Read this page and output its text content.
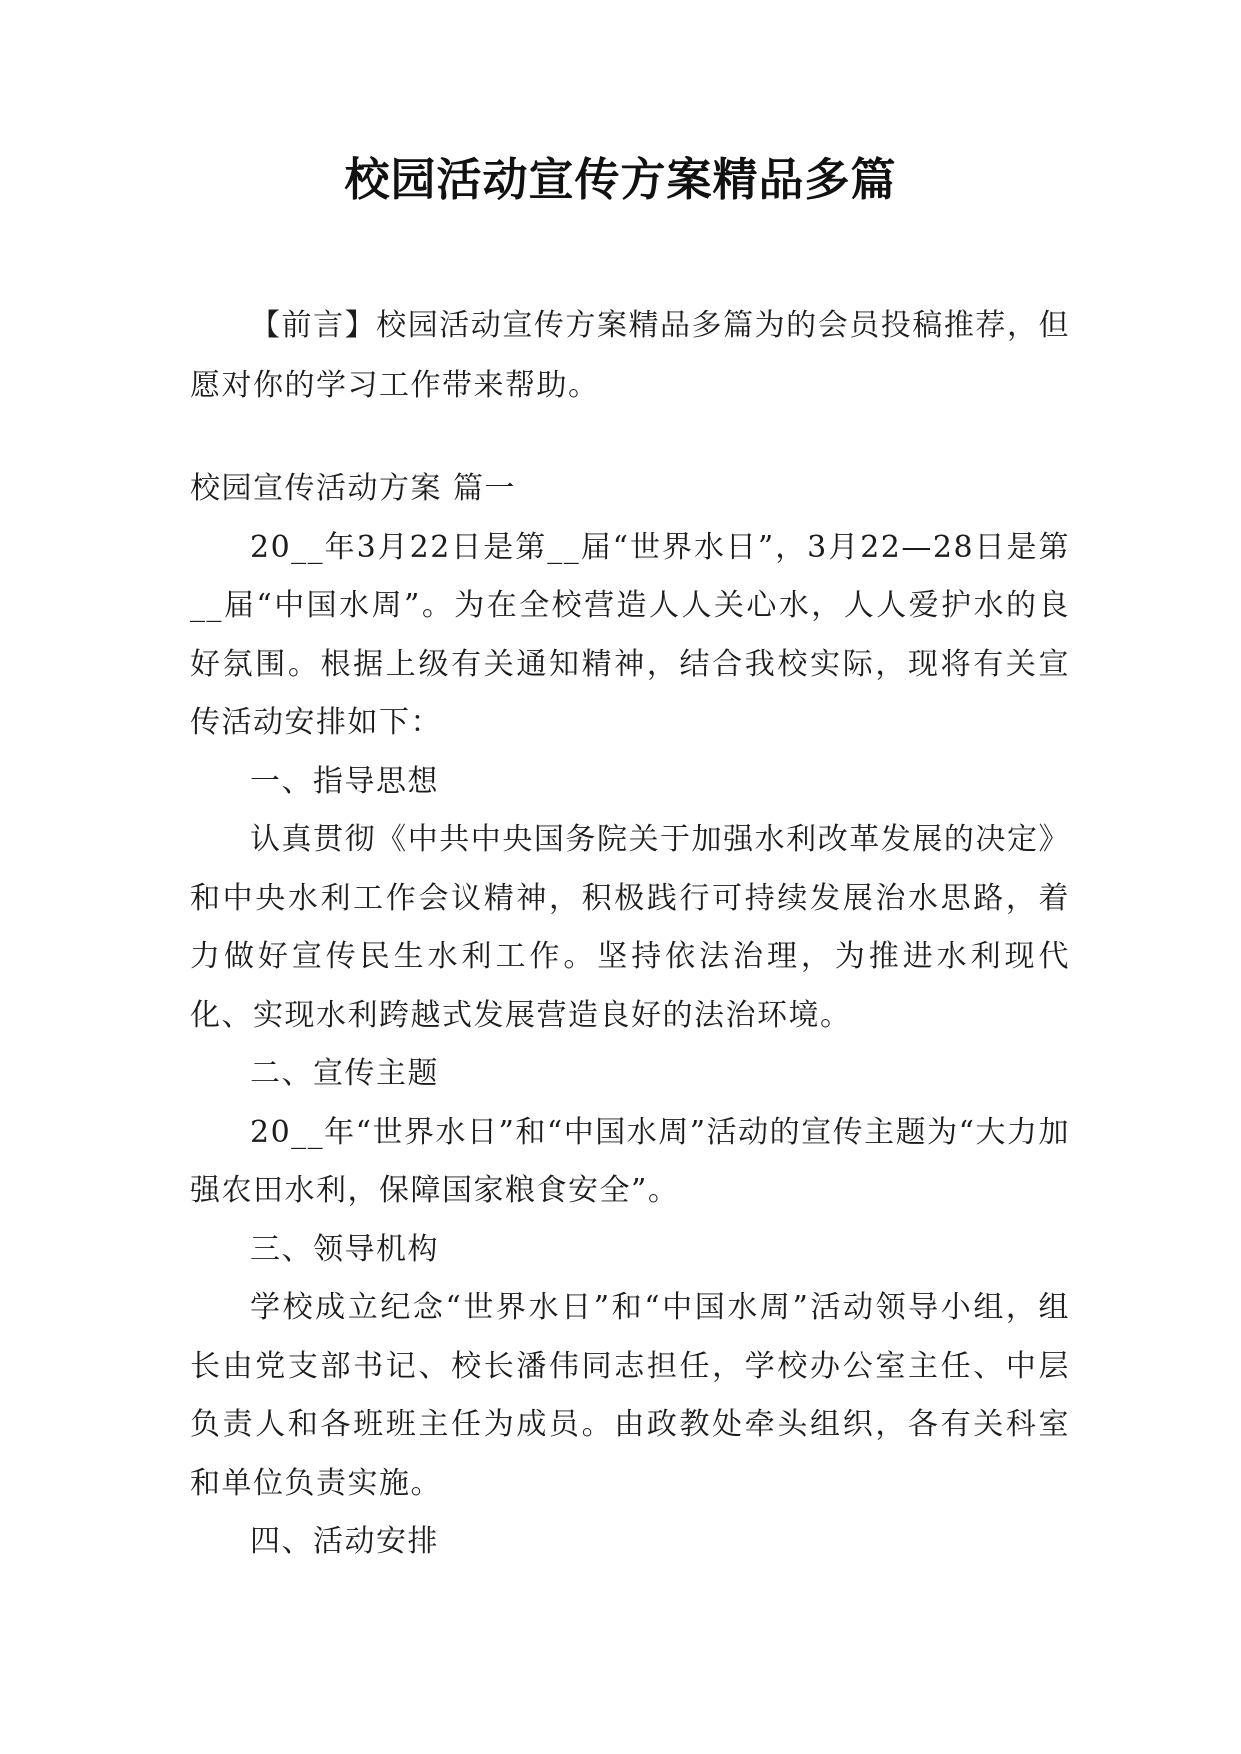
校园活动宣传方案精品多篇

【前言】校园活动宣传方案精品多篇为的会员投稿推荐，但愿对你的学习工作带来帮助。

校园宣传活动方案 篇一

20__年3月22日是第__届“世界水日”，3月22—28日是第__届“中国水周”。为在全校营造人人关心水，人人爱护水的良好氛围。根据上级有关通知精神，结合我校实际，现将有关宣传活动安排如下：

一、指导思想

认真贯彻《中共中央国务院关于加强水利改革发展的决定》和中央水利工作会议精神，积极践行可持续发展治水思路，着力做好宣传民生水利工作。坚持依法治理，为推进水利现代化、实现水利跨越式发展营造良好的法治环境。

二、宣传主题

20__年“世界水日”和“中国水周”活动的宣传主题为“大力加强农田水利，保障国家粮食安全”。

三、领导机构

学校成立纪念“世界水日”和“中国水周”活动领导小组，组长由党支部书记、校长潘伟同志担任，学校办公室主任、中层负责人和各班班主任为成员。由政教处牵头组织，各有关科室和单位负责实施。

四、活动安排
